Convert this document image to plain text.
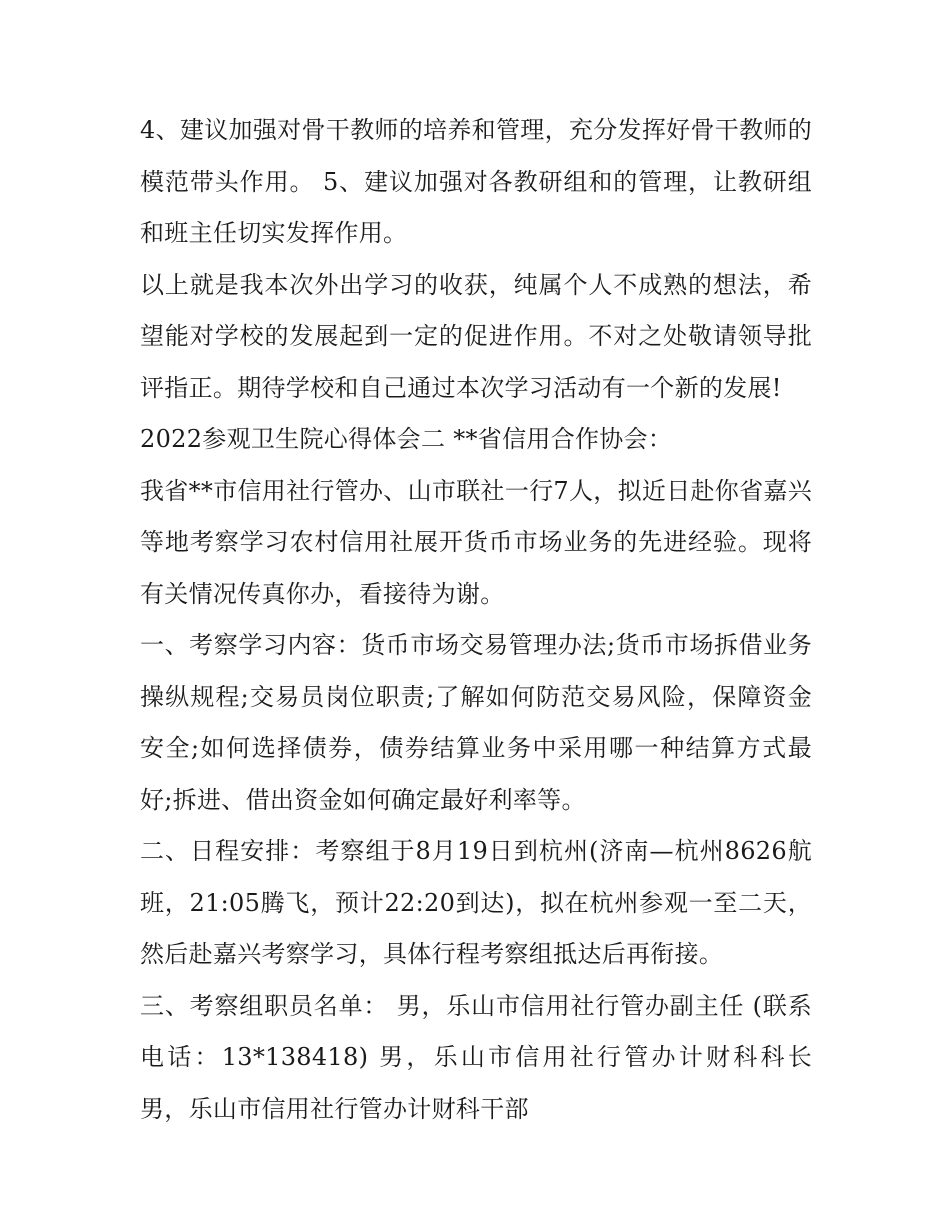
4、建议加强对骨干教师的培养和管理，充分发挥好骨干教师的模范带头作用。 5、建议加强对各教研组和的管理，让教研组和班主任切实发挥作用。

以上就是我本次外出学习的收获，纯属个人不成熟的想法，希望能对学校的发展起到一定的促进作用。不对之处敬请领导批评指正。期待学校和自己通过本次学习活动有一个新的发展!

2022参观卫生院心得体会二 **省信用合作协会：

我省**市信用社行管办、山市联社一行7人，拟近日赴你省嘉兴等地考察学习农村信用社展开货币市场业务的先进经验。现将有关情况传真你办，看接待为谢。

一、考察学习内容：货币市场交易管理办法;货币市场拆借业务操纵规程;交易员岗位职责;了解如何防范交易风险，保障资金安全;如何选择债券，债券结算业务中采用哪一种结算方式最好;拆进、借出资金如何确定最好利率等。

二、日程安排：考察组于8月19日到杭州(济南—杭州8626航班，21:05腾飞，预计22:20到达)，拟在杭州参观一至二天，然后赴嘉兴考察学习，具体行程考察组抵达后再衔接。

三、考察组职员名单： 男，乐山市信用社行管办副主任 (联系电话：13*138418) 男，乐山市信用社行管办计财科科长 男，乐山市信用社行管办计财科干部
